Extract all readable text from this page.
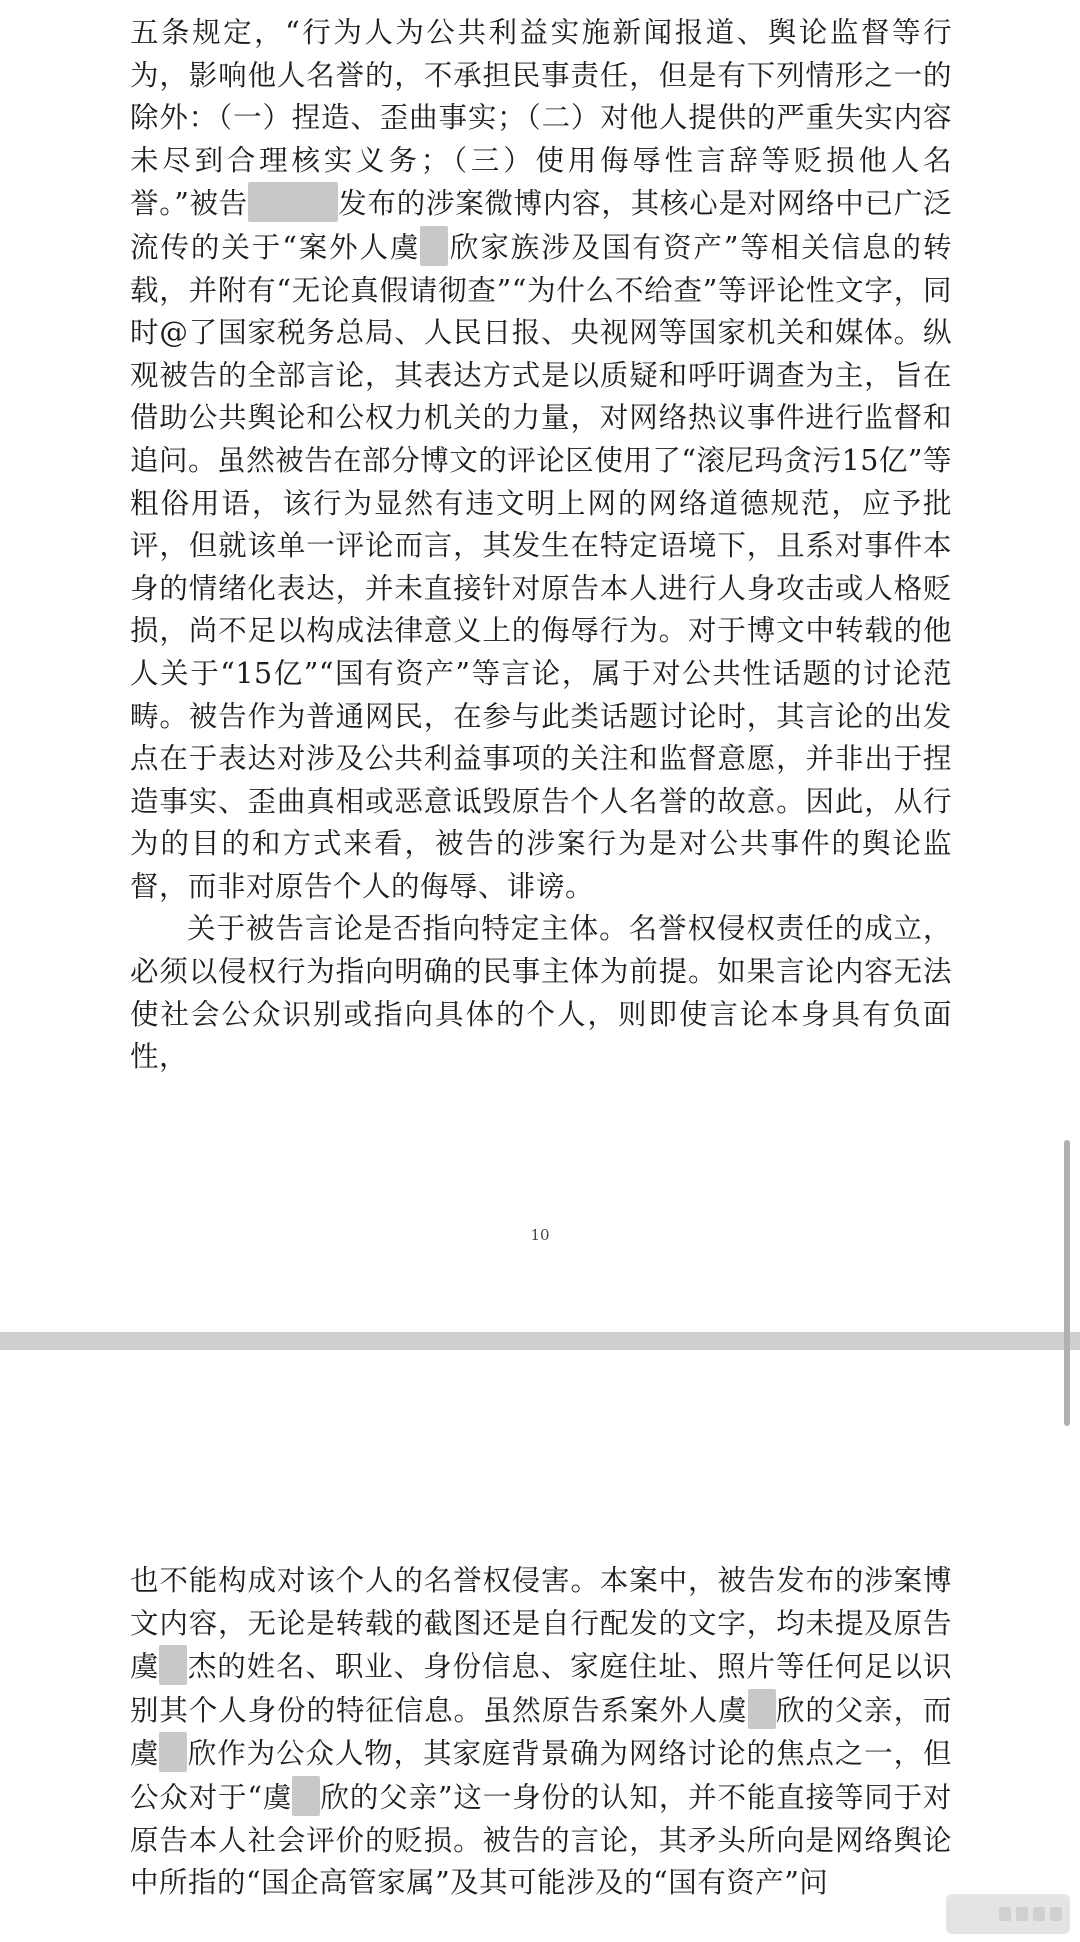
五条规定，“行为人为公共利益实施新闻报道、舆论监督等行为，影响他人名誉的，不承担民事责任，但是有下列情形之一的除外：（一）捏造、歪曲事实；（二）对他人提供的严重失实内容未尽到合理核实义务；（三）使用侮辱性言辞等贬损他人名誉。”被告	发布的涉案微博内容，其核心是对网络中已广泛流传的关于“案外人虞 欣家族涉及国有资产”等相关信息的转载，并附有“无论真假请彻查”“为什么不给查”等评论性文字，同时@了国家税务总局、人民日报、央视网等国家机关和媒体。纵观被告的全部言论，其表达方式是以质疑和呼吁调查为主，旨在借助公共舆论和公权力机关的力量，对网络热议事件进行监督和追问。虽然被告在部分博文的评论区使用了“滚尼玛贪污15亿”等粗俗用语，该行为显然有违文明上网的网络道德规范，应予批评，但就该单一评论而言，其发生在特定语境下，且系对事件本身的情绪化表达，并未直接针对原告本人进行人身攻击或人格贬损，尚不足以构成法律意义上的侮辱行为。对于博文中转载的他人关于“15亿”“国有资产”等言论，属于对公共性话题的讨论范畴。被告作为普通网民，在参与此类话题讨论时，其言论的出发点在于表达对涉及公共利益事项的关注和监督意愿，并非出于捏造事实、歪曲真相或恶意诋毁原告个人名誉的故意。因此，从行为的目的和方式来看，被告的涉案行为是对公共事件的舆论监督，而非对原告个人的侮辱、诽谤。

关于被告言论是否指向特定主体。名誉权侵权责任的成立，必须以侵权行为指向明确的民事主体为前提。如果言论内容无法使社会公众识别或指向具体的个人，则即使言论本身具有负面性，

10

也不能构成对该个人的名誉权侵害。本案中，被告发布的涉案博文内容，无论是转载的截图还是自行配发的文字，均未提及原告虞 杰的姓名、职业、身份信息、家庭住址、照片等任何足以识别其个人身份的特征信息。虽然原告系案外人虞 欣的父亲，而虞 欣作为公众人物，其家庭背景确为网络讨论的焦点之一，但公众对于“虞 欣的父亲”这一身份的认知，并不能直接等同于对原告本人社会评价的贬损。被告的言论，其矛头所向是网络舆论中所指的“国企高管家属”及其可能涉及的“国有资产”问
